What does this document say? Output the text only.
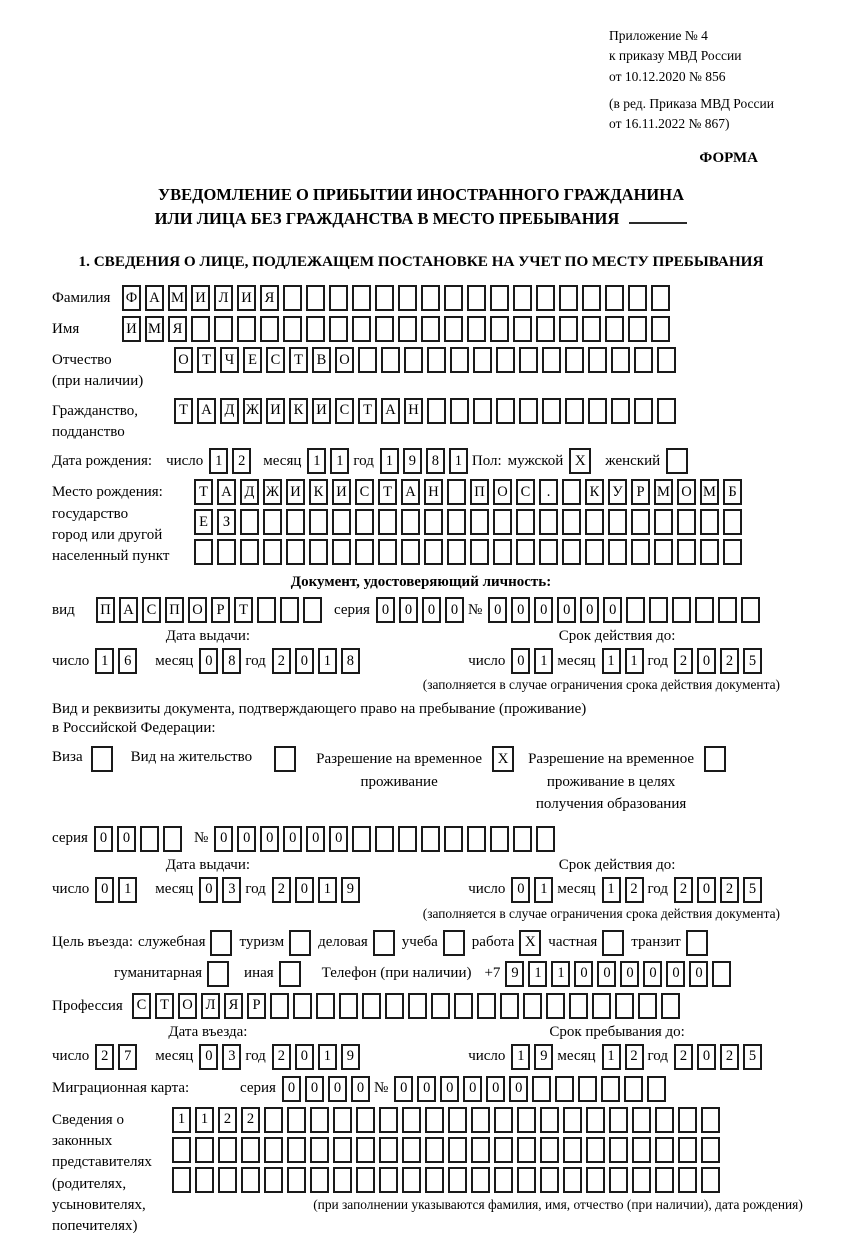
Приложение № 4
к приказу МВД России
от 10.12.2020 № 856
(в ред. Приказа МВД России
от 16.11.2022 № 867)
ФОРМА
УВЕДОМЛЕНИЕ О ПРИБЫТИИ ИНОСТРАННОГО ГРАЖДАНИНА
ИЛИ ЛИЦА БЕЗ ГРАЖДАНСТВА В МЕСТО ПРЕБЫВАНИЯ
1. СВЕДЕНИЯ О ЛИЦЕ, ПОДЛЕЖАЩЕМ ПОСТАНОВКЕ НА УЧЕТ ПО МЕСТУ ПРЕБЫВАНИЯ
Фамилия	Ф А М И Л И Я
Имя	И М Я
Отчество
(при наличии)
О Т Ч Е С Т В О
Гражданство,
подданство
Т А Д Ж И К И С Т А Н
Дата рождения: число 1	2	месяц 1	1 год 1	9	8	1 Пол: мужской X	женский
Место рождения:
государство
город или другой
населенный пункт
Т А Д Ж И К И С Т А Н П О С	.	К У Р М О М Б
Е	З
Документ, удостоверяющий личность:
вид	П А С П О Р	Т	серия 0	0	0	0 № 0	0	0	0	0	0
Дата выдачи:
число 1	6	месяц 0	8 год 2	0	1	8
Срок действия до:
число 0	1 месяц 1	1 год 2	0	2	5
(заполняется в случае ограничения срока действия документа)
Вид и реквизиты документа, подтверждающего право на пребывание (проживание)
в Российской Федерации:
Виза	Вид на жительство	Разрешение на временное
проживание
X	Разрешение на временное
проживание в целях
получения образования
серия 0	0	№ 0	0	0	0	0	0
Дата выдачи:
число 0	1	месяц 0	3 год 2	0	1	9
Срок действия до:
число 0	1 месяц 1	2 год 2	0	2	5
(заполняется в случае ограничения срока действия документа)
Цель въезда: служебная туризм деловая учеба работа X частная транзит
гуманитарная	иная	Телефон (при наличии) +7 9	1	1	0	0	0	0	0	0
Профессия С Т О Л Я Р
Дата въезда:
число 2	7	месяц 0	3 год 2	0	1	9
Срок пребывания до:
число 1	9 месяц 1	2 год 2	0	2	5
Миграционная карта:	серия 0	0	0	0 № 0	0	0	0	0	0
Сведения о
законных
представителях
(родителях,
усыновителях,
попечителях)
1	1	2	2
(при заполнении указываются фамилия, имя, отчество (при наличии), дата рождения)
